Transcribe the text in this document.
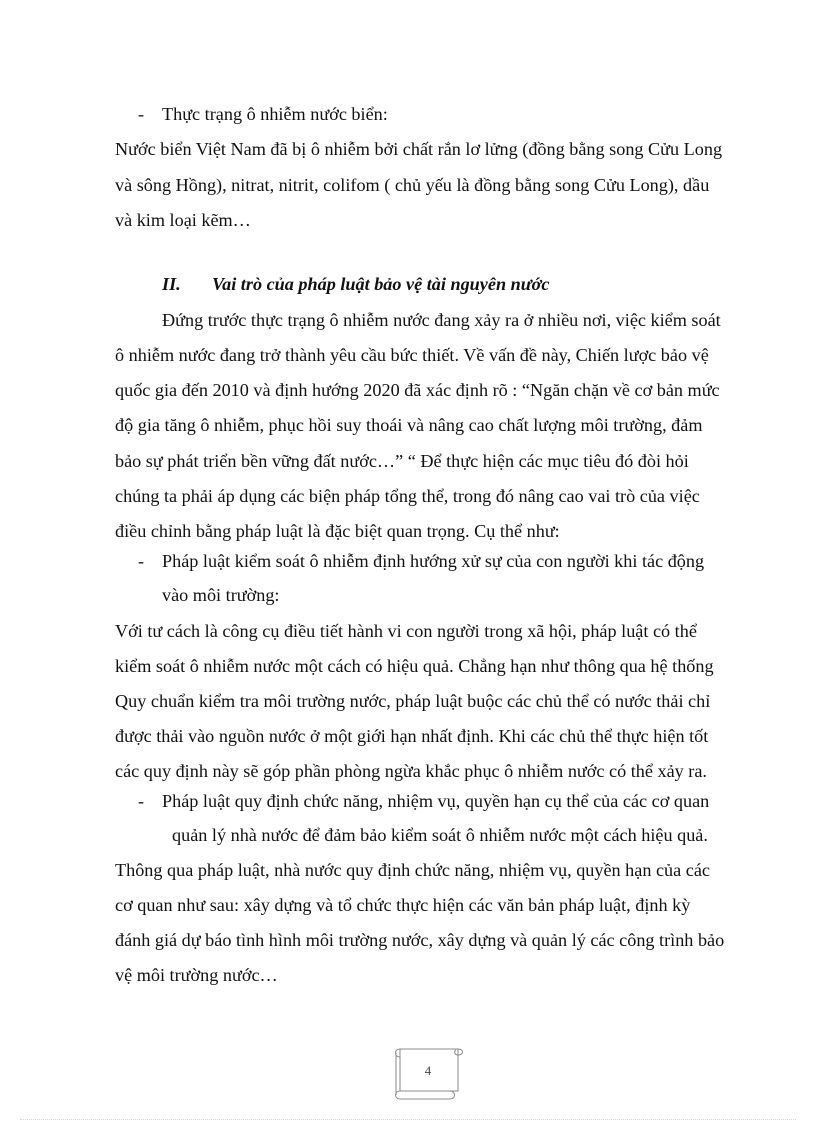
- Thực trạng ô nhiễm nước biển:
Nước biển Việt Nam đã bị ô nhiễm bởi chất rắn lơ lửng (đồng bằng song Cửu Long
và sông Hồng), nitrat, nitrit, colifom ( chủ yếu là đồng bằng song Cửu Long), dầu
và kim loại kẽm…
II. Vai trò của pháp luật bảo vệ tài nguyên nước
Đứng trước thực trạng ô nhiễm nước đang xảy ra ở nhiều nơi, việc kiểm soát
ô nhiễm nước đang trở thành yêu cầu bức thiết. Về vấn đề này, Chiến lược bảo vệ
quốc gia đến 2010 và định hướng 2020 đã xác định rõ : “Ngăn chặn về cơ bản mức
độ gia tăng ô nhiễm, phục hồi suy thoái và nâng cao chất lượng môi trường, đảm
bảo sự phát triển bền vững đất nước…” “ Để thực hiện các mục tiêu đó đòi hỏi
chúng ta phải áp dụng các biện pháp tổng thể, trong đó nâng cao vai trò của việc
điều chỉnh bằng pháp luật là đặc biệt quan trọng. Cụ thể như:
- Pháp luật kiểm soát ô nhiễm định hướng xử sự của con người khi tác động
vào môi trường:
Với tư cách là công cụ điều tiết hành vi con người trong xã hội, pháp luật có thể
kiểm soát ô nhiễm nước một cách có hiệu quả. Chẳng hạn như thông qua hệ thống
Quy chuẩn kiểm tra môi trường nước, pháp luật buộc các chủ thể có nước thải chỉ
được thải vào nguồn nước ở một giới hạn nhất định. Khi các chủ thể thực hiện tốt
các quy định này sẽ góp phần phòng ngừa khắc phục ô nhiễm nước có thể xảy ra.
- Pháp luật quy định chức năng, nhiệm vụ, quyền hạn cụ thể của các cơ quan
quản lý nhà nước để đảm bảo kiểm soát ô nhiễm nước một cách hiệu quả.
Thông qua pháp luật, nhà nước quy định chức năng, nhiệm vụ, quyền hạn của các
cơ quan như sau: xây dựng và tổ chức thực hiện các văn bản pháp luật, định kỳ
đánh giá dự báo tình hình môi trường nước, xây dựng và quản lý các công trình bảo
vệ môi trường nước…
4
